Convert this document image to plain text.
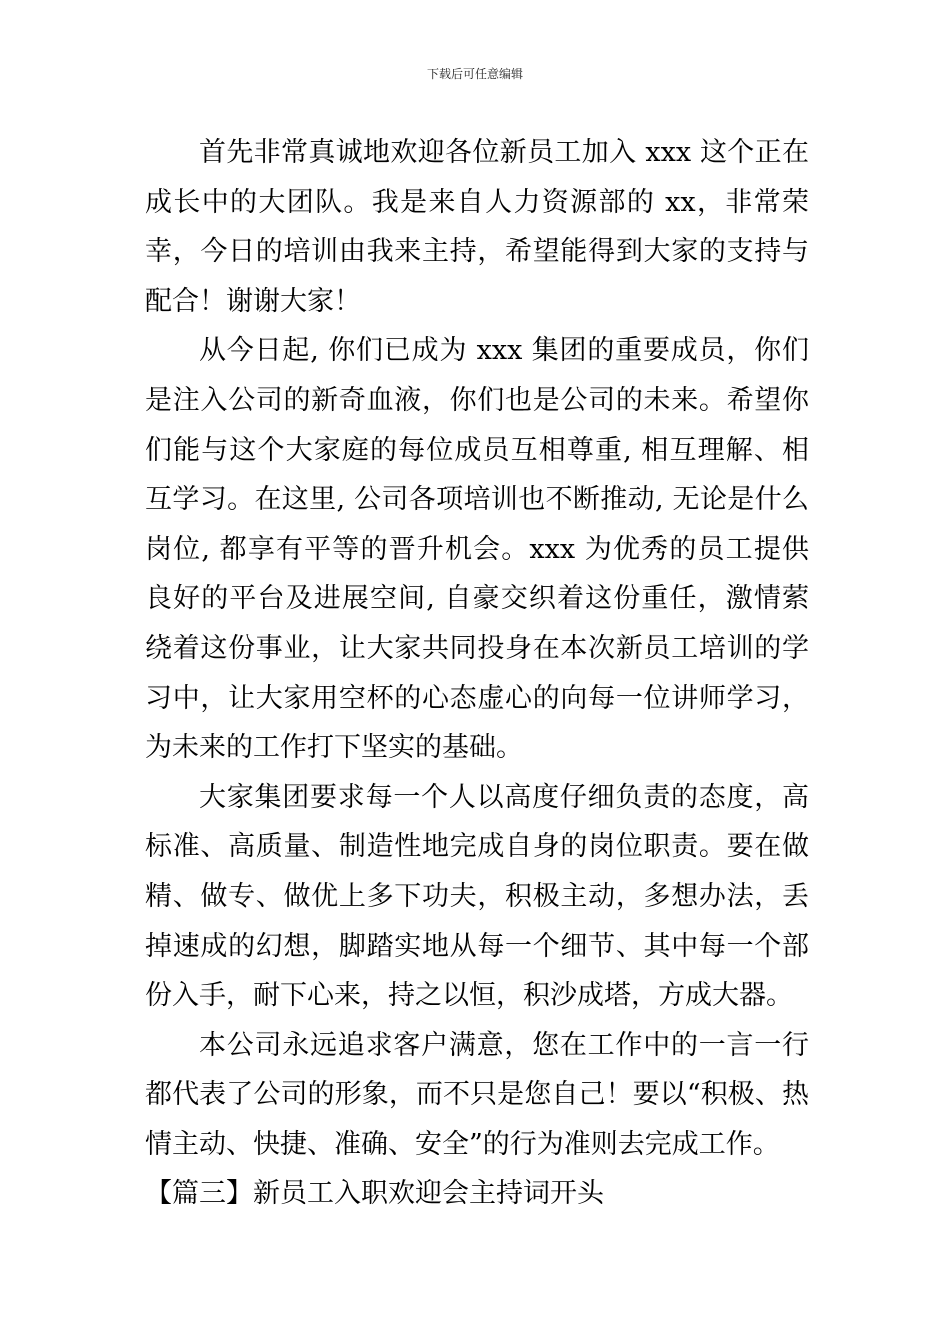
下载后可任意编辑

首先非常真诚地欢迎各位新员工加入 xxx 这个正在成长中的大团队。我是来自人力资源部的 xx，非常荣幸，今日的培训由我来主持，希望能得到大家的支持与配合！谢谢大家！

从今日起, 你们已成为 xxx 集团的重要成员，你们是注入公司的新奇血液，你们也是公司的未来。希望你们能与这个大家庭的每位成员互相尊重, 相互理解、相互学习。在这里, 公司各项培训也不断推动, 无论是什么岗位, 都享有平等的晋升机会。xxx 为优秀的员工提供良好的平台及进展空间, 自豪交织着这份重任，激情萦绕着这份事业，让大家共同投身在本次新员工培训的学习中，让大家用空杯的心态虚心的向每一位讲师学习，为未来的工作打下坚实的基础。

大家集团要求每一个人以高度仔细负责的态度，高标准、高质量、制造性地完成自身的岗位职责。要在做精、做专、做优上多下功夫，积极主动，多想办法，丢掉速成的幻想，脚踏实地从每一个细节、其中每一个部份入手，耐下心来，持之以恒，积沙成塔，方成大器。

本公司永远追求客户满意，您在工作中的一言一行都代表了公司的形象，而不只是您自己！要以“积极、热情主动、快捷、准确、安全”的行为准则去完成工作。

【篇三】新员工入职欢迎会主持词开头
